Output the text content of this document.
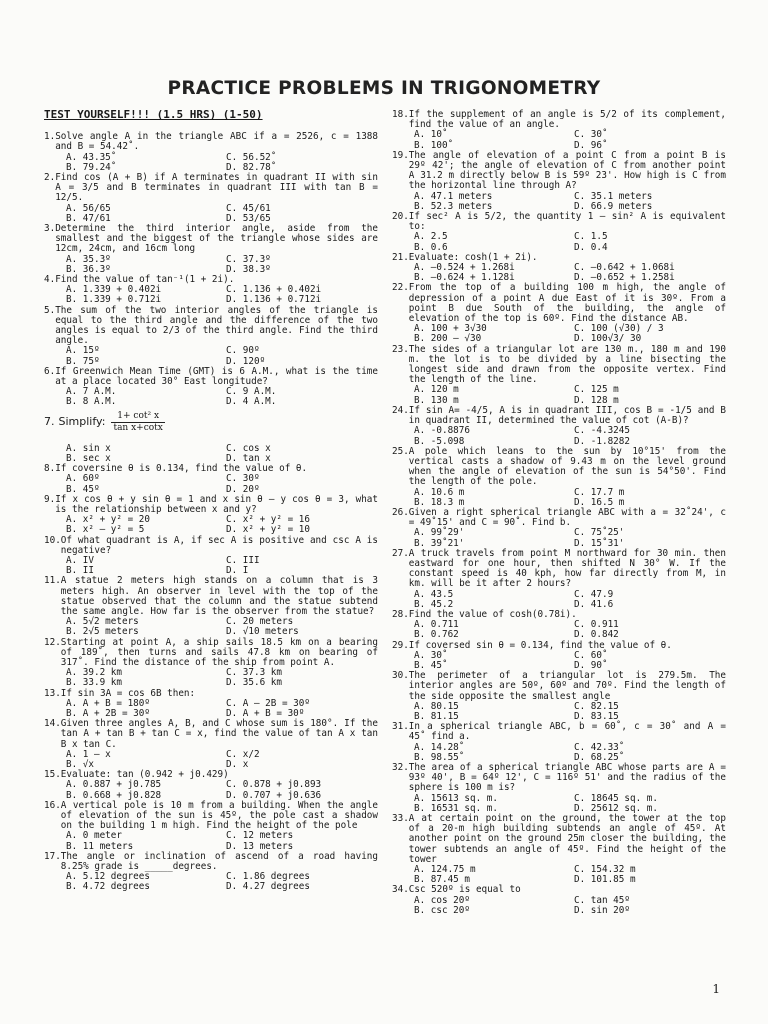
PRACTICE PROBLEMS IN TRIGONOMETRY
TEST YOURSELF!!! (1.5 HRS) (1-50)
1. Solve angle A in the triangle ABC if a = 2526, c = 1388 and B = 54.42˚.
A. 43.35˚	C. 56.52˚
B. 79.24˚	D. 82.78˚
2. Find cos (A + B) if A terminates in quadrant II with sin A = 3/5 and B terminates in quadrant III with tan B = 12/5.
A. 56/65	C. 45/61
B. 47/61	D. 53/65
3. Determine the third interior angle, aside from the smallest and the biggest of the triangle whose sides are 12cm, 24cm, and 16cm long
A. 35.3º	C. 37.3º
B. 36.3º	D. 38.3º
4. Find the value of tan⁻¹(1 + 2i).
A. 1.339 + 0.402i	C. 1.136 + 0.402i
B. 1.339 + 0.712i	D. 1.136 + 0.712i
5. The sum of the two interior angles of the triangle is equal to the third angle and the difference of the two angles is equal to 2/3 of the third angle. Find the third angle.
A. 15º	C. 90º
B. 75º	D. 120º
6. If Greenwich Mean Time (GMT) is 6 A.M., what is the time at a place located 30° East longitude?
A. 7 A.M.	C. 9 A.M.
B. 8 A.M.	D. 4 A.M.
7. Simplify: $\frac{\text{1+ cot² x}}{\text{tan x+cotx}}$
A. sin x	C. cos x
B. sec x	D. tan x
8. If coversine θ is 0.134, find the value of θ.
A. 60º	C. 30º
B. 45º	D. 20º
9. If x cos θ + y sin θ = 1 and x sin θ – y cos θ = 3, what is the relationship between x and y?
A. x² + y² = 20	C. x² + y² = 16
B. x² – y² = 5	D. x² + y² = 10
10. Of what quadrant is A, if sec A is positive and csc A is negative?
A. IV	C. III
B. II	D. I
11. A statue 2 meters high stands on a column that is 3 meters high. An observer in level with the top of the statue observed that the column and the statue subtend the same angle. How far is the observer from the statue?
A. 5√2 meters	C. 20 meters
B. 2√5 meters	D. √10 meters
12. Starting at point A, a ship sails 18.5 km on a bearing of 189˚, then turns and sails 47.8 km on bearing of 317˚. Find the distance of the ship from point A.
A. 39.2 km	C. 37.3 km
B. 33.9 km	D. 35.6 km
13. If sin 3A = cos 6B then:
A. A + B = 180º	C. A – 2B = 30º
B. A + 2B = 30º	D. A + B = 30º
14. Given three angles A, B, and C whose sum is 180°. If the tan A + tan B + tan C = x, find the value of tan A x tan B x tan C.
A. 1 – x	C. x/2
B. √x	D. x
15. Evaluate: tan (0.942 + j0.429)
A. 0.887 + j0.785	C. 0.878 + j0.893
B. 0.668 + j0.828	D. 0.707 + j0.636
16. A vertical pole is 10 m from a building. When the angle of elevation of the sun is 45º, the pole cast a shadow on the building 1 m high. Find the height of the pole
A. 0 meter	C. 12 meters
B. 11 meters	D. 13 meters
17. The angle or inclination of ascend of a road having 8.25% grade is _____degrees.
A. 5.12 degrees	C. 1.86 degrees
B. 4.72 degrees	D. 4.27 degrees
18. If the supplement of an angle is 5/2 of its complement, find the value of an angle.
A. 10˚	C. 30˚
B. 100˚	D. 96˚
19. The angle of elevation of a point C from a point B is 29º 42'; the angle of elevation of C from another point A 31.2 m directly below B is 59º 23'. How high is C from the horizontal line through A?
A. 47.1 meters	C. 35.1 meters
B. 52.3 meters	D. 66.9 meters
20. If sec² A is 5/2, the quantity 1 – sin² A is equivalent to:
A. 2.5	C. 1.5
B. 0.6	D. 0.4
21. Evaluate: cosh(1 + 2i).
A. –0.524 + 1.268i	C. –0.642 + 1.068i
B. –0.624 + 1.128i	D. –0.652 + 1.258i
22. From the top of a building 100 m high, the angle of depression of a point A due East of it is 30º. From a point B due South of the building, the angle of elevation of the top is 60º. Find the distance AB.
A. 100 + 3√30	C. 100 (√30) / 3
B. 200 – √30	D. 100√3/ 30
23. The sides of a triangular lot are 130 m., 180 m and 190 m. the lot is to be divided by a line bisecting the longest side and drawn from the opposite vertex. Find the length of the line.
A. 120 m	C. 125 m
B. 130 m	D. 128 m
24. If sin A= -4/5, A is in quadrant III, cos B = -1/5 and B in quadrant II, determined the value of cot (A-B)?
A. -0.8876	C. -4.3245
B. -5.098	D. -1.8282
25. A pole which leans to the sun by 10°15' from the vertical casts a shadow of 9.43 m on the level ground when the angle of elevation of the sun is 54°50'. Find the length of the pole.
A. 10.6 m	C. 17.7 m
B. 18.3 m	D. 16.5 m
26. Given a right spherical triangle ABC with a = 32˚24', c = 49˚15' and C = 90˚. Find b.
A. 99˚29'	C. 75˚25'
B. 39˚21'	D. 15˚31'
27. A truck travels from point M northward for 30 min. then eastward for one hour, then shifted N 30° W. If the constant speed is 40 kph, how far directly from M, in km. will be it after 2 hours?
A. 43.5	C. 47.9
B. 45.2	D. 41.6
28. Find the value of cosh(0.78i).
A. 0.711	C. 0.911
B. 0.762	D. 0.842
29. If coversed sin θ = 0.134, find the value of θ.
A. 30˚	C. 60˚
B. 45˚	D. 90˚
30. The perimeter of a triangular lot is 279.5m. The interior angles are 50º, 60º and 70º. Find the length of the side opposite the smallest angle
A. 80.15	C. 82.15
B. 81.15	D. 83.15
31. In a spherical triangle ABC, b = 60˚, c = 30˚ and A = 45˚ find a.
A. 14.28˚	C. 42.33˚
B. 98.55˚	D. 68.25˚
32. The area of a spherical triangle ABC whose parts are A = 93º 40', B = 64º 12', C = 116º 51' and the radius of the sphere is 100 m is?
A. 15613 sq. m.	C. 18645 sq. m.
B. 16531 sq. m.	D. 25612 sq. m.
33. A at certain point on the ground, the tower at the top of a 20-m high building subtends an angle of 45º. At another point on the ground 25m closer the building, the tower subtends an angle of 45º. Find the height of the tower
A. 124.75 m	C. 154.32 m
B. 87.45 m	D. 101.85 m
34. Csc 520º is equal to
A. cos 20º	C. tan 45º
B. csc 20º	D. sin 20º
1
